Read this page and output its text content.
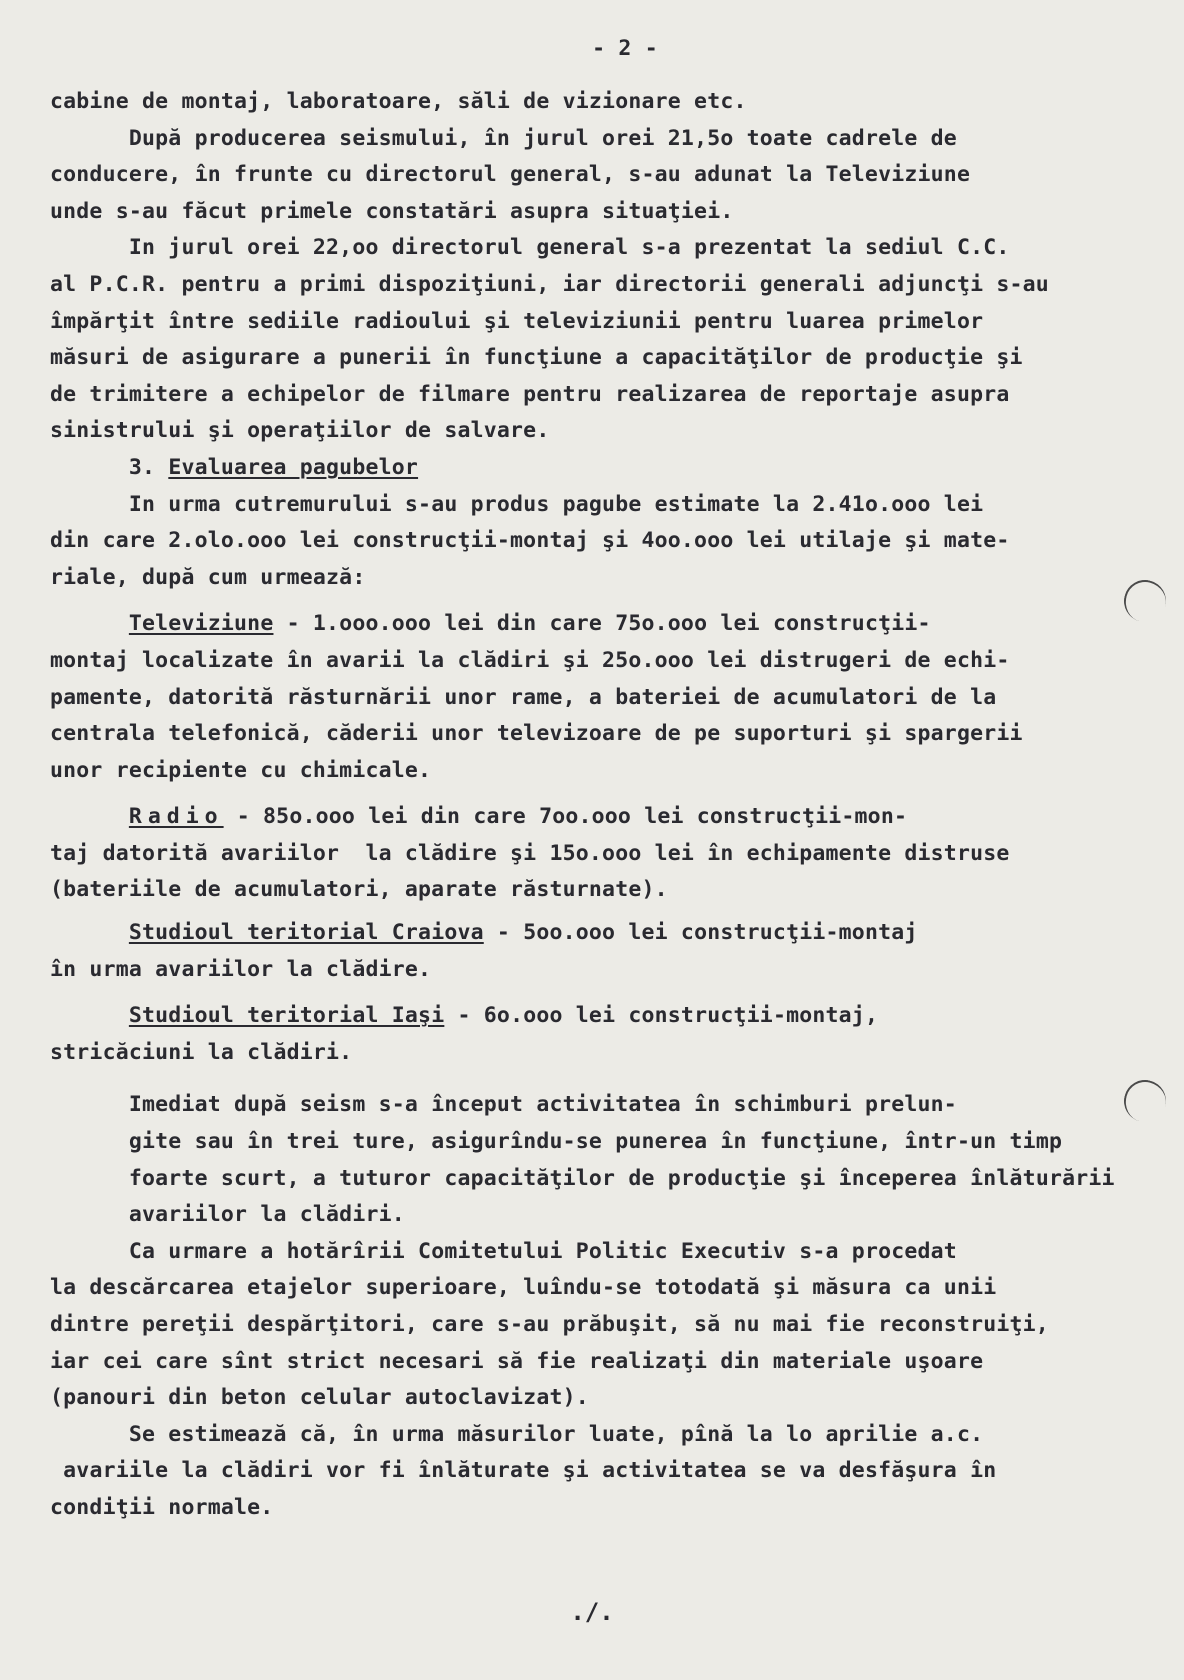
- 2 -

cabine de montaj, laboratoare, săli de vizionare etc.

După producerea seismului, în jurul orei 21,5o toate cadrele de

conducere, în frunte cu directorul general, s-au adunat la Televiziune

unde s-au făcut primele constatări asupra situaţiei.

In jurul orei 22,oo directorul general s-a prezentat la sediul C.C.

al P.C.R. pentru a primi dispoziţiuni, iar directorii generali adjuncţi s-au

împărţit între sediile radioului şi televiziunii pentru luarea primelor

măsuri de asigurare a punerii în funcţiune a capacităţilor de producţie şi

de trimitere a echipelor de filmare pentru realizarea de reportaje asupra

sinistrului şi operaţiilor de salvare.

3. Evaluarea pagubelor

In urma cutremurului s-au produs pagube estimate la 2.41o.ooo lei

din care 2.olo.ooo lei construcţii-montaj şi 4oo.ooo lei utilaje şi mate-

riale, după cum urmează:

Televiziune - 1.ooo.ooo lei din care 75o.ooo lei construcţii-

montaj localizate în avarii la clădiri şi 25o.ooo lei distrugeri de echi-

pamente, datorită răsturnării unor rame, a bateriei de acumulatori de la

centrala telefonică, căderii unor televizoare de pe suporturi şi spargerii

unor recipiente cu chimicale.

Radio - 85o.ooo lei din care 7oo.ooo lei construcţii-mon-

taj datorită avariilor  la clădire şi 15o.ooo lei în echipamente distruse

(bateriile de acumulatori, aparate răsturnate).

Studioul teritorial Craiova - 5oo.ooo lei construcţii-montaj

în urma avariilor la clădire.

Studioul teritorial Iaşi - 6o.ooo lei construcţii-montaj,

stricăciuni la clădiri.

Imediat după seism s-a început activitatea în schimburi prelun-

gite sau în trei ture, asigurîndu-se punerea în funcţiune, într-un timp

foarte scurt, a tuturor capacităţilor de producţie şi începerea înlăturării

avariilor la clădiri.

Ca urmare a hotărîrii Comitetului Politic Executiv s-a procedat

la descărcarea etajelor superioare, luîndu-se totodată şi măsura ca unii

dintre pereţii despărţitori, care s-au prăbuşit, să nu mai fie reconstruiţi,

iar cei care sînt strict necesari să fie realizaţi din materiale uşoare

(panouri din beton celular autoclavizat).

Se estimează că, în urma măsurilor luate, pînă la lo aprilie a.c.

avariile la clădiri vor fi înlăturate şi activitatea se va desfăşura în

condiţii normale.

./.
